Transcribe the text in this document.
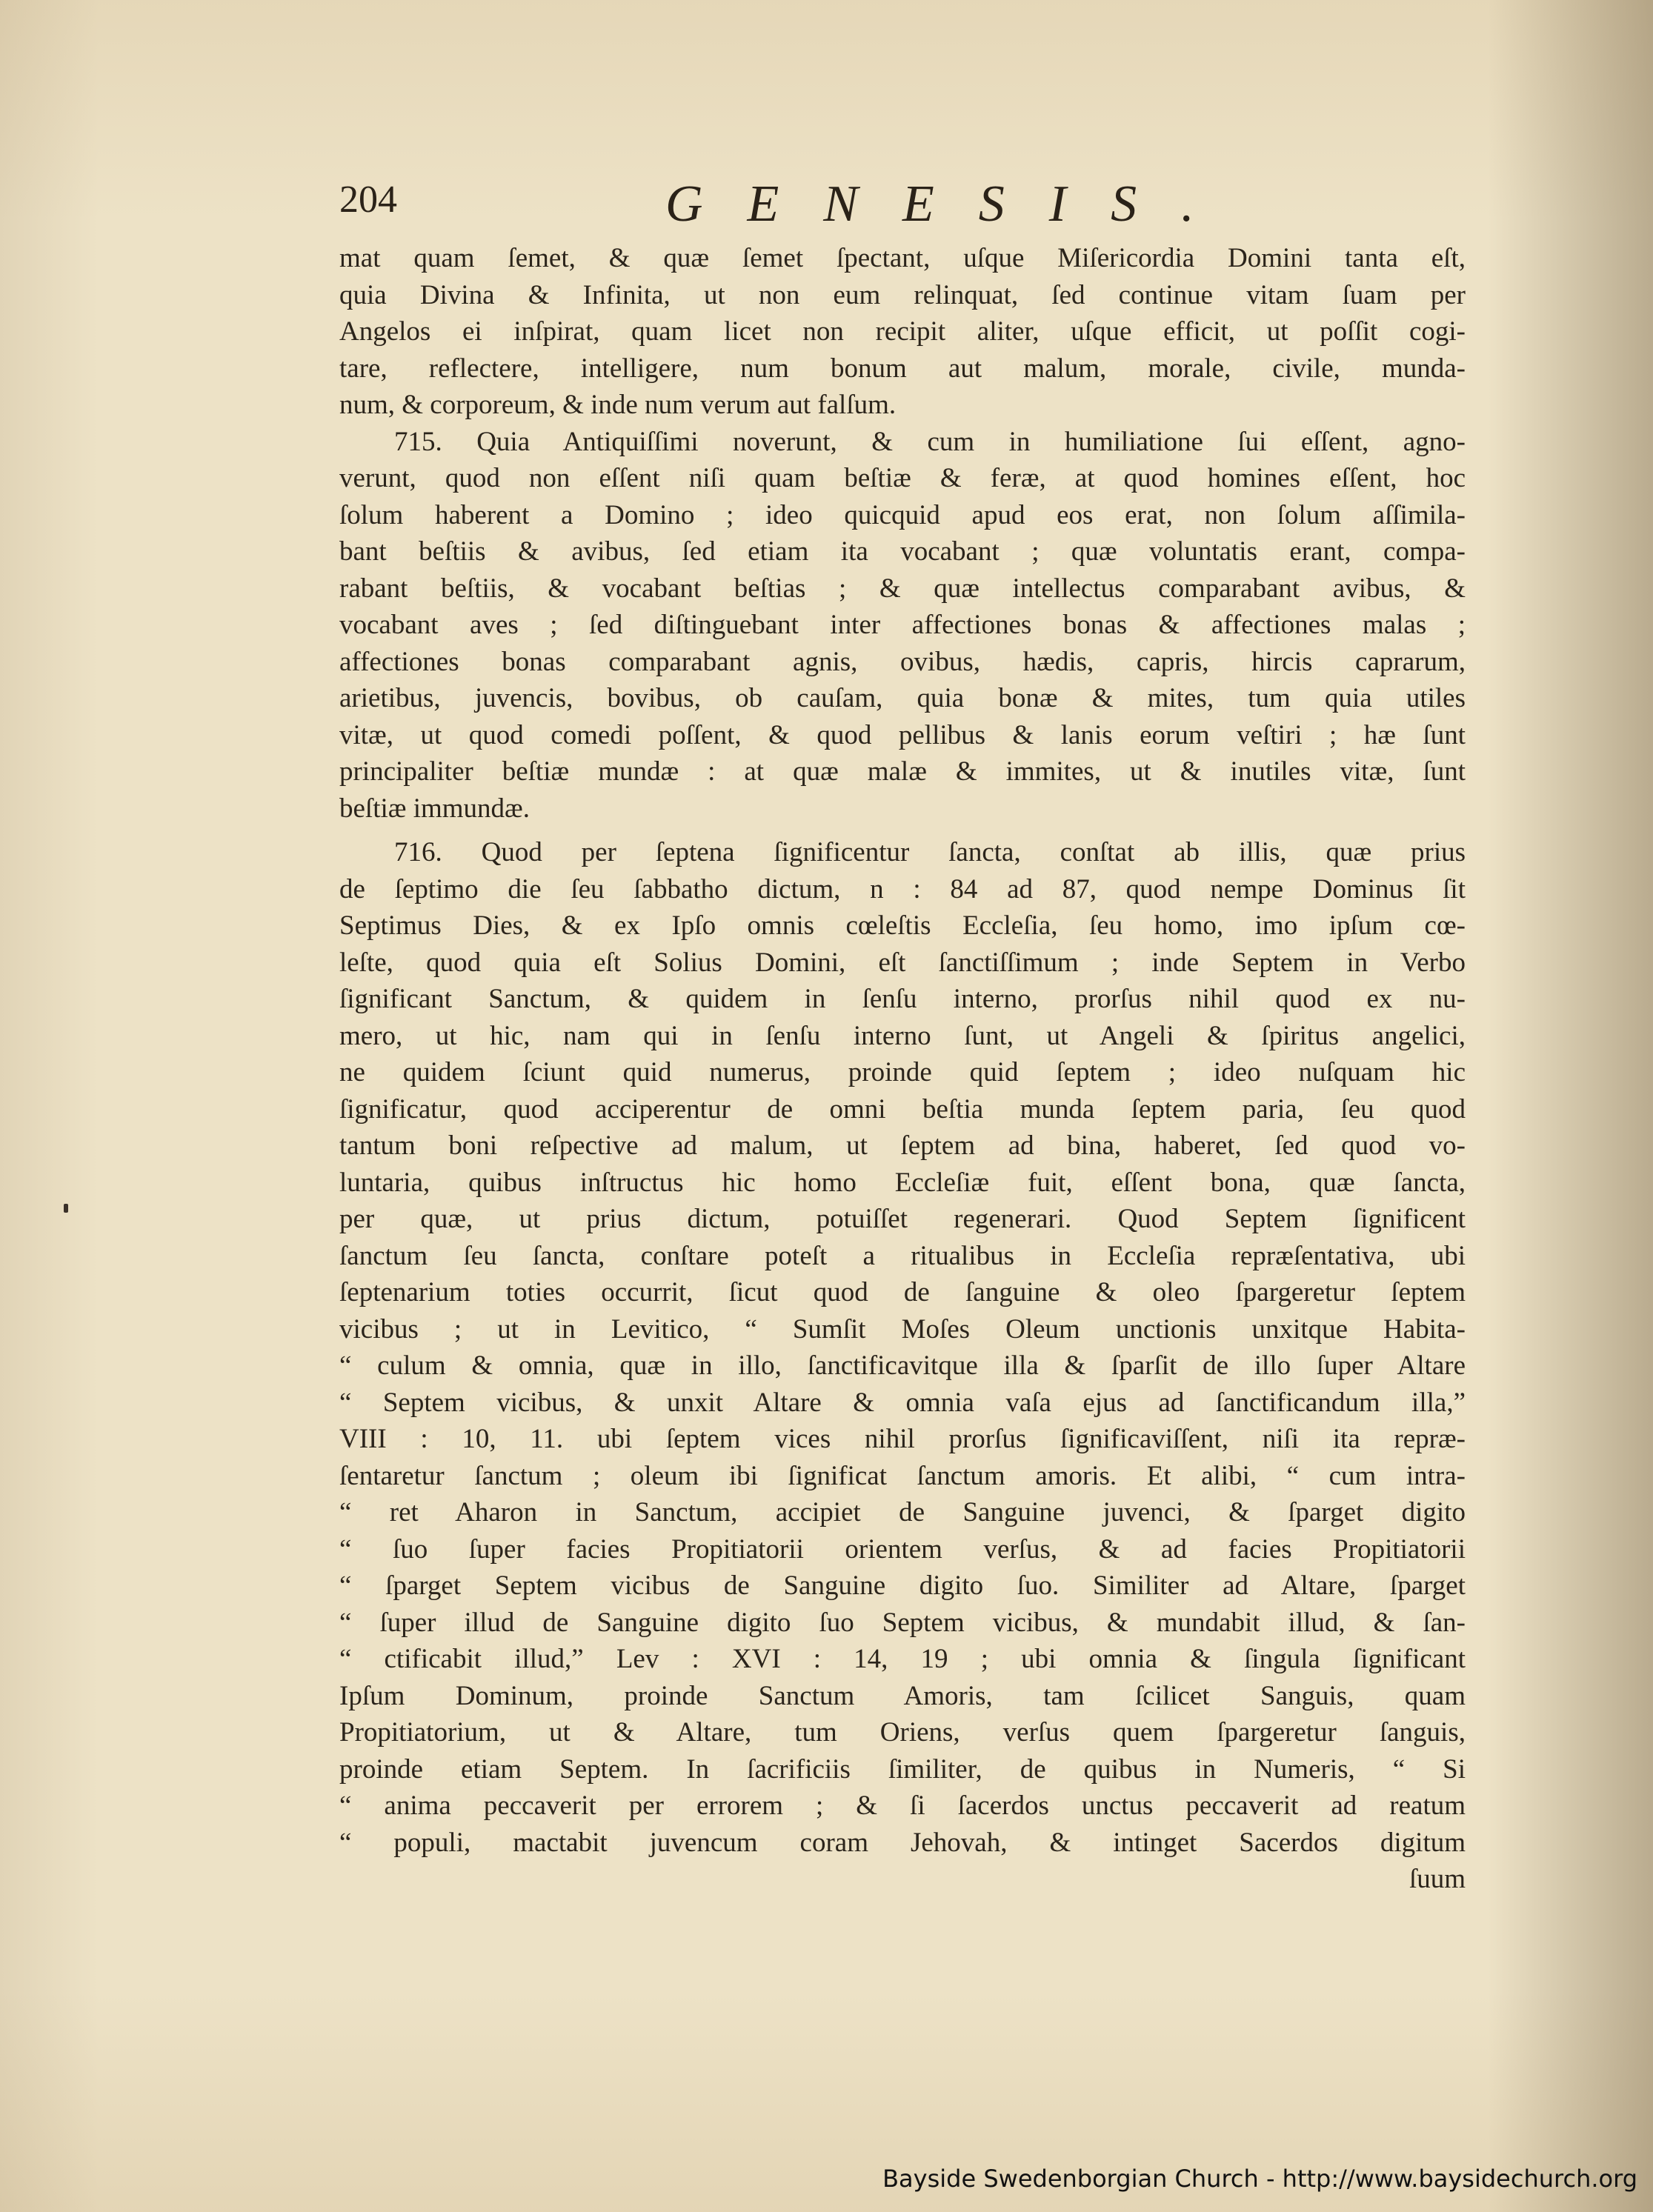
204	GENESIS.
mat quam ſemet, & quæ ſemet ſpectant, uſque Miſericordia Domini tanta eſt,
quia Divina & Infinita, ut non eum relinquat, ſed continue vitam ſuam per
Angelos ei inſpirat, quam licet non recipit aliter, uſque efficit, ut poſſit cogi-
tare, reflectere, intelligere, num bonum aut malum, morale, civile, munda-
num, & corporeum, & inde num verum aut falſum.
715. Quia Antiquiſſimi noverunt, & cum in humiliatione ſui eſſent, agno-
verunt, quod non eſſent niſi quam beſtiæ & feræ, at quod homines eſſent, hoc
ſolum haberent a Domino ; ideo quicquid apud eos erat, non ſolum aſſimila-
bant beſtiis & avibus, ſed etiam ita vocabant ; quæ voluntatis erant, compa-
rabant beſtiis, & vocabant beſtias ; & quæ intellectus comparabant avibus, &
vocabant aves ; ſed diſtinguebant inter affectiones bonas & affectiones malas ;
affectiones bonas comparabant agnis, ovibus, hædis, capris, hircis caprarum,
arietibus, juvencis, bovibus, ob cauſam, quia bonæ & mites, tum quia utiles
vitæ, ut quod comedi poſſent, & quod pellibus & lanis eorum veſtiri ; hæ ſunt
principaliter beſtiæ mundæ : at quæ malæ & immites, ut & inutiles vitæ, ſunt
beſtiæ immundæ.
716. Quod per ſeptena ſignificentur ſancta, conſtat ab illis, quæ prius
de ſeptimo die ſeu ſabbatho dictum, n : 84 ad 87, quod nempe Dominus ſit
Septimus Dies, & ex Ipſo omnis cœleſtis Eccleſia, ſeu homo, imo ipſum cœ-
leſte, quod quia eſt Solius Domini, eſt ſanctiſſimum ; inde Septem in Verbo
ſignificant Sanctum, & quidem in ſenſu interno, prorſus nihil quod ex nu-
mero, ut hic, nam qui in ſenſu interno ſunt, ut Angeli & ſpiritus angelici,
ne quidem ſciunt quid numerus, proinde quid ſeptem ; ideo nuſquam hic
ſignificatur, quod acciperentur de omni beſtia munda ſeptem paria, ſeu quod
tantum boni reſpective ad malum, ut ſeptem ad bina, haberet, ſed quod vo-
luntaria, quibus inſtructus hic homo Eccleſiæ fuit, eſſent bona, quæ ſancta,
per quæ, ut prius dictum, potuiſſet regenerari. Quod Septem ſignificent
ſanctum ſeu ſancta, conſtare poteſt a ritualibus in Eccleſia repræſentativa, ubi
ſeptenarium toties occurrit, ſicut quod de ſanguine & oleo ſpargeretur ſeptem
vicibus ; ut in Levitico, “ Sumſit Moſes Oleum unctionis unxitque Habita-
“ culum & omnia, quæ in illo, ſanctificavitque illa & ſparſit de illo ſuper Altare
“ Septem vicibus, & unxit Altare & omnia vaſa ejus ad ſanctificandum illa,”
VIII : 10, 11. ubi ſeptem vices nihil prorſus ſignificaviſſent, niſi ita repræ-
ſentaretur ſanctum ; oleum ibi ſignificat ſanctum amoris. Et alibi, “ cum intra-
“ ret Aharon in Sanctum, accipiet de Sanguine juvenci, & ſparget digito
“ ſuo ſuper facies Propitiatorii orientem verſus, & ad facies Propitiatorii
“ ſparget Septem vicibus de Sanguine digito ſuo. Similiter ad Altare, ſparget
“ ſuper illud de Sanguine digito ſuo Septem vicibus, & mundabit illud, & ſan-
“ ctificabit illud,” Lev : XVI : 14, 19 ; ubi omnia & ſingula ſignificant
Ipſum Dominum, proinde Sanctum Amoris, tam ſcilicet Sanguis, quam
Propitiatorium, ut & Altare, tum Oriens, verſus quem ſpargeretur ſanguis,
proinde etiam Septem. In ſacrificiis ſimiliter, de quibus in Numeris, “ Si
“ anima peccaverit per errorem ; & ſi ſacerdos unctus peccaverit ad reatum
“ populi, mactabit juvencum coram Jehovah, & intinget Sacerdos digitum
ſuum
Bayside Swedenborgian Church - http://www.baysidechurch.org
